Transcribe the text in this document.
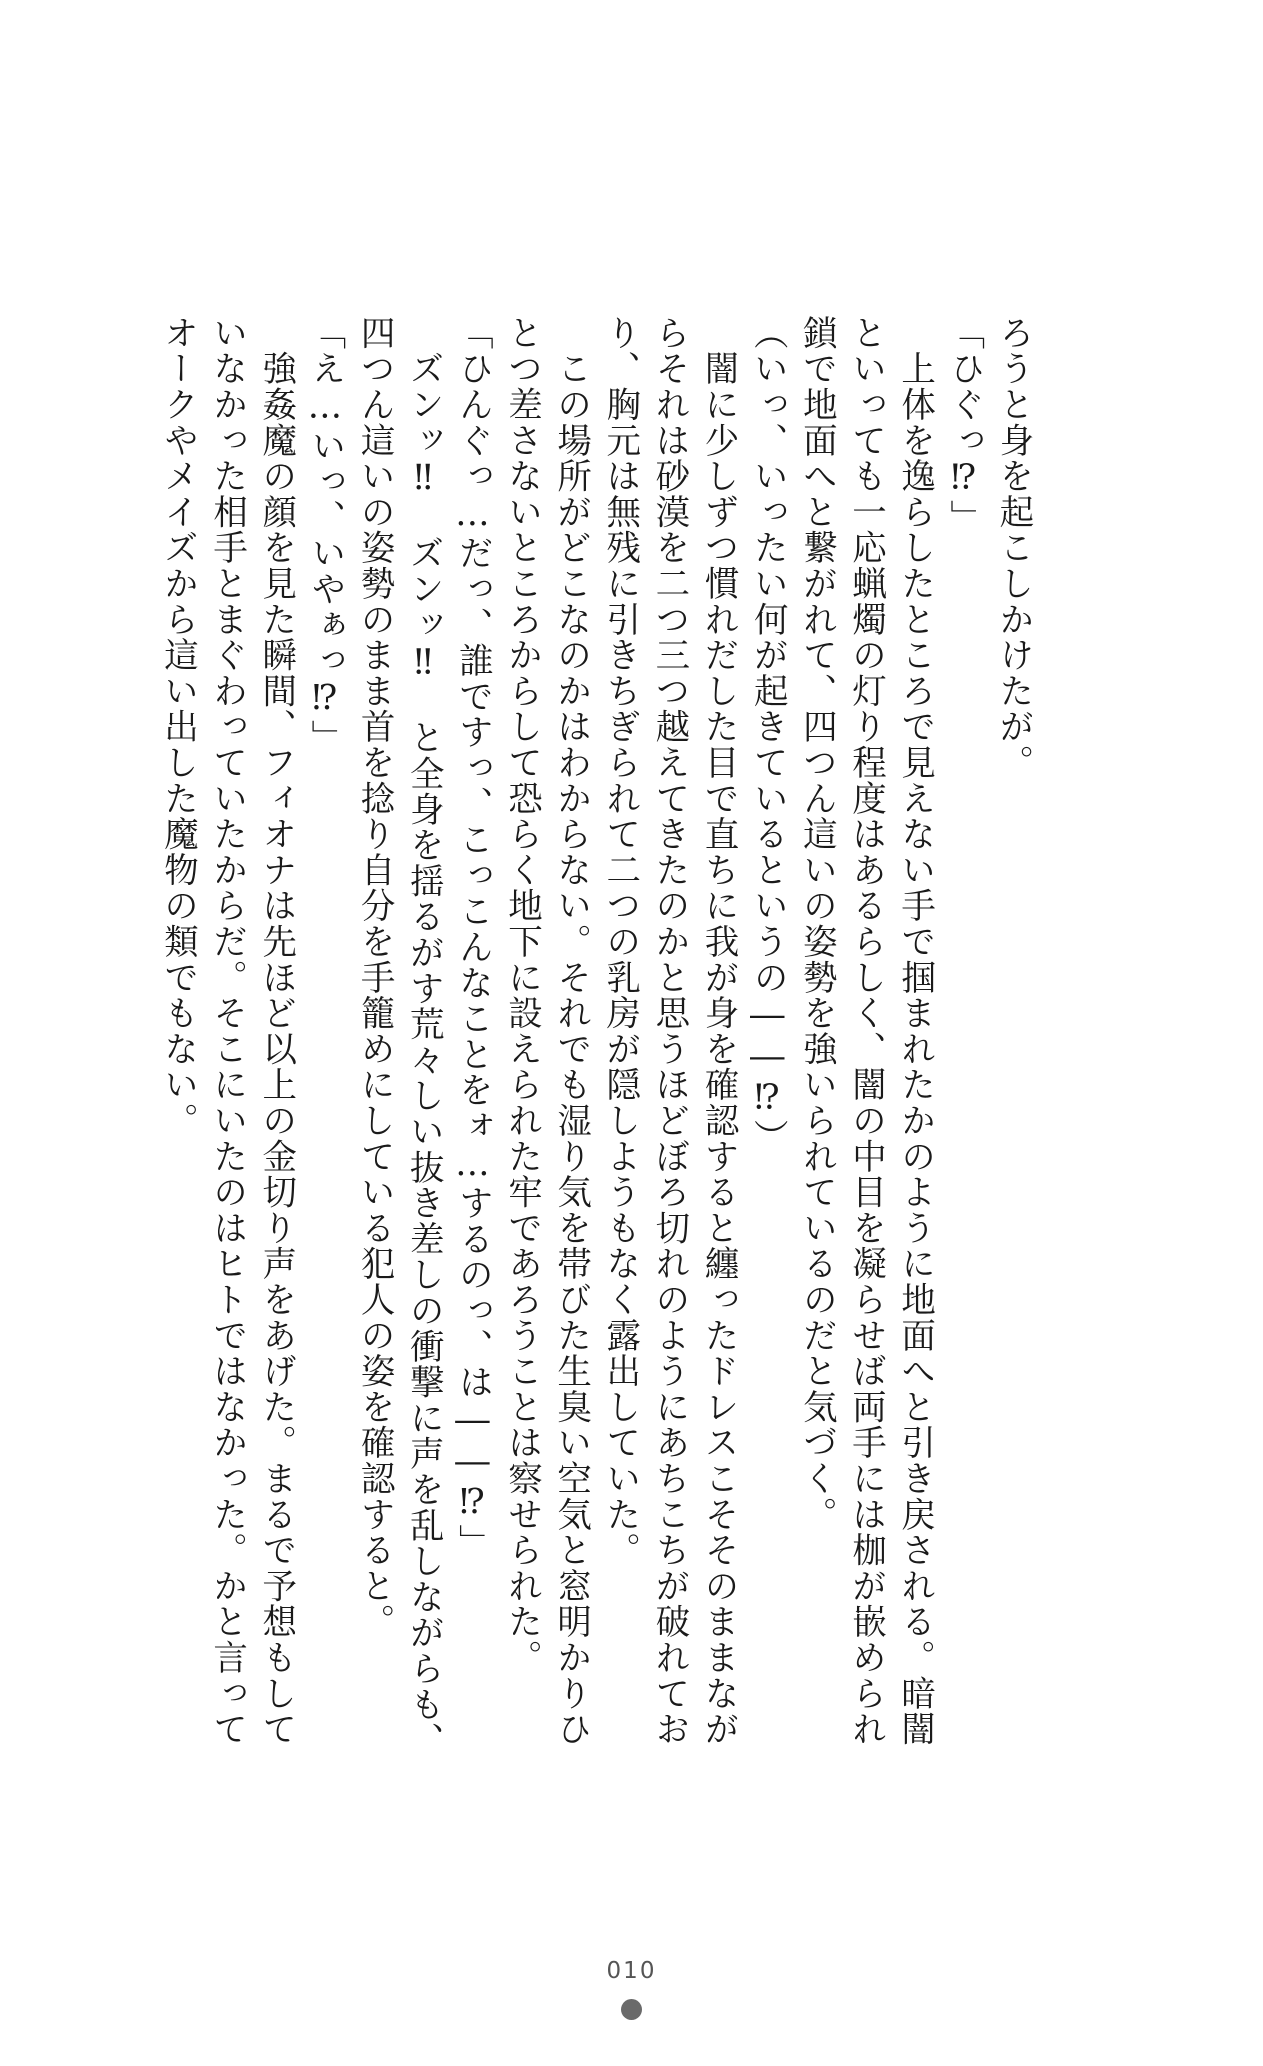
ろうと身を起こしかけたが。

「ひぐっ⁉」

　上体を逸らしたところで見えない手で掴まれたかのように地面へと引き戻される。暗闇

といっても一応蝋燭の灯り程度はあるらしく、闇の中目を凝らせば両手には枷が嵌められ

鎖で地面へと繋がれて、四つん這いの姿勢を強いられているのだと気づく。

（いっ、いったい何が起きているというの――⁉）

　闇に少しずつ慣れだした目で直ちに我が身を確認すると纏ったドレスこそそのままなが

らそれは砂漠を二つ三つ越えてきたのかと思うほどぼろ切れのようにあちこちが破れてお

り、胸元は無残に引きちぎられて二つの乳房が隠しようもなく露出していた。

　この場所がどこなのかはわからない。それでも湿り気を帯びた生臭い空気と窓明かりひ

とつ差さないところからして恐らく地下に設えられた牢であろうことは察せられた。

「ひんぐっ…だっ、誰ですっ、こっこんなことをォ…するのっ、は――⁉」

　ズンッ‼　ズンッ‼　と全身を揺るがす荒々しい抜き差しの衝撃に声を乱しながらも、

四つん這いの姿勢のまま首を捻り自分を手籠めにしている犯人の姿を確認すると。

「え…いっ、いやぁっ⁉」

　強姦魔の顔を見た瞬間、フィオナは先ほど以上の金切り声をあげた。まるで予想もして

いなかった相手とまぐわっていたからだ。そこにいたのはヒトではなかった。かと言って

オークやメイズから這い出した魔物の類でもない。

010
